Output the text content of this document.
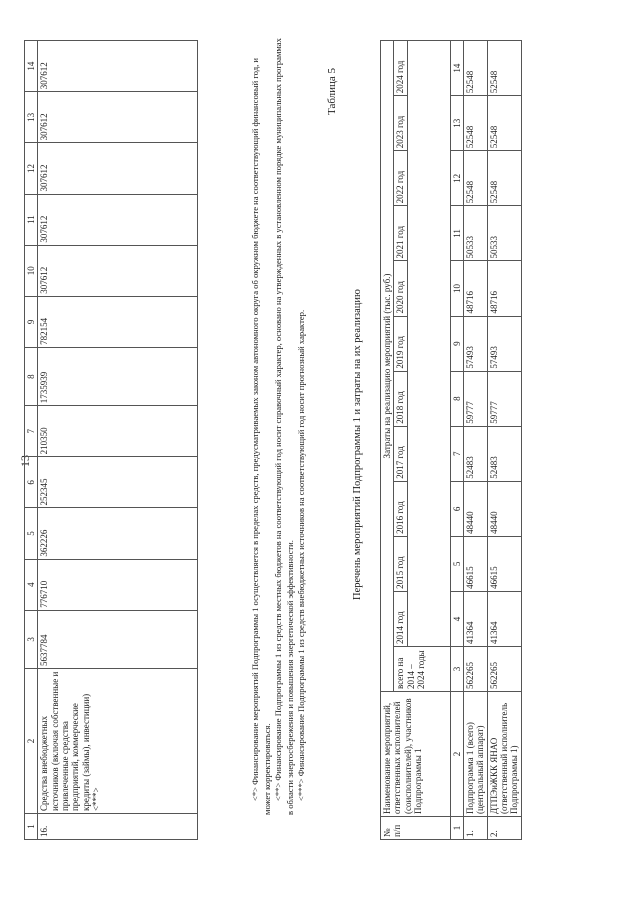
13
1	2	3	4	5	6	7	8	9	10	11	12	13	14
16.	Средства внебюджетных источников (включая собственные и привлеченные средства предприятий, коммерческие кредиты (займы), инвестиции) <***>	5637784	776710	362226	252345	210350	1735939	782154	307612	307612	307612	307612	307612	<*> Финансирование мероприятий Подпрограммы 1 осуществляется в пределах средств, предусматриваемых законом автономного округа об окружном бюджете на соответствующий финансовый год, и может корректироваться. <**> Финансирование Подпрограммы 1 из средств местных бюджетов на соответствующий год носит справочный характер, основано на утвержденных в установленном порядке муниципальных программах в области энергосбережения и повышения энергетической эффективности. <***> Финансирование Подпрограммы 1 из средств внебюджетных источников на соответствующий год носит прогнозный характер.

Таблица 5
Перечень мероприятий Подпрограммы 1 и затраты на их реализацию
№ п/п	Наименование мероприятий, ответственных исполнителей (соисполнителей), участников Подпрограммы 1	Затраты на реализацию мероприятий (тыс. руб.)											
		всего на 2014 – 2024 годы	2014 год	2015 год	2016 год	2017 год	2018 год	2019 год	2020 год	2021 год	2022 год	2023 год	2024 год

1	2	3	4	5	6	7	8	9	10	11	12	13	14
1.	Подпрограмма 1 (всего) (центральный аппарат)	562265	41364	46615	48440	52483	59777	57493	48716	50533	52548	52548	52548
2.	ДТПЭиЖКК ЯНАО (ответственный исполнитель Подпрограммы 1)	562265	41364	46615	48440	52483	59777	57493	48716	50533	52548	52548	52548
